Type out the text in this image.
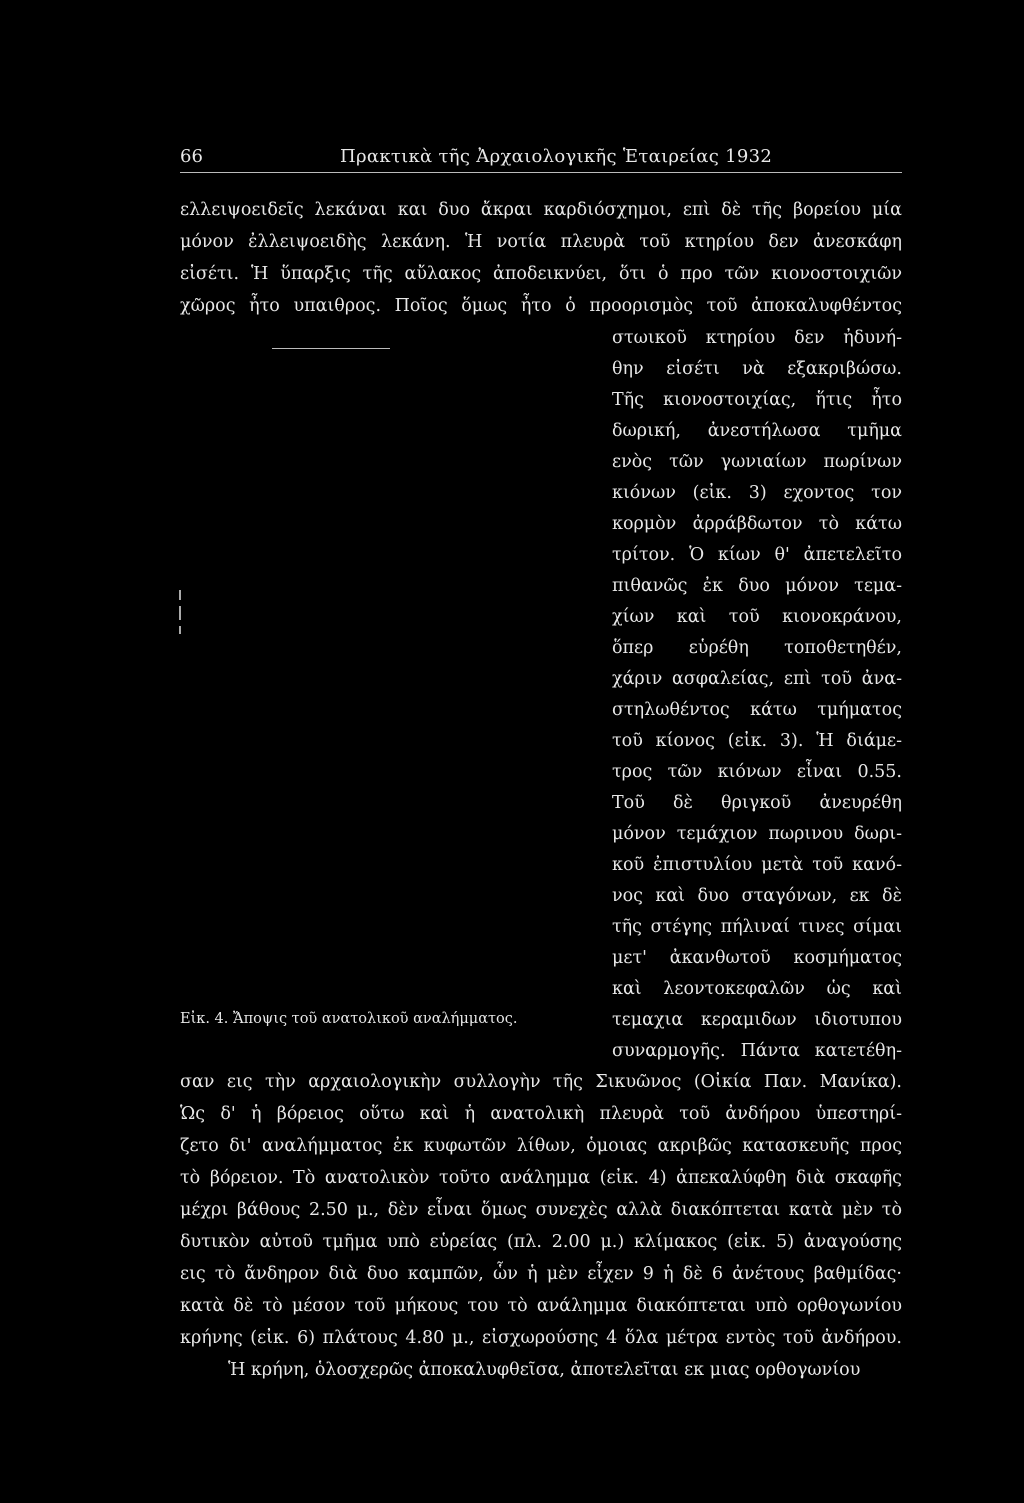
66	Πρακτικὰ τῆς Ἀρχαιολογικῆς Ἑταιρείας 1932
ελλειψοειδεῖς λεκάναι και δυο ἄκραι καρδιόσχημοι, επὶ δὲ τῆς βορείου μία
μόνον ἐλλειψοειδὴς λεκάνη. Ἡ νοτία πλευρὰ τοῦ κτηρίου δεν ἀνεσκάφη
εἰσέτι. Ἡ ὕπαρξις τῆς αὔλακος ἀποδεικνύει, ὅτι ὁ προ τῶν κιονοστοιχιῶν
χῶρος ἦτο υπαιθρος. Ποῖος ὅμως ἦτο ὁ προορισμὸς τοῦ ἀποκαλυφθέντος
στωικοῦ κτηρίου δεν ἠδυνή-
θην εἰσέτι νὰ εξακριβώσω.
Τῆς κιονοστοιχίας, ἥτις ἦτο
δωρική, ἀνεστήλωσα τμῆμα
ενὸς τῶν γωνιαίων πωρίνων
κιόνων (εἰκ. 3) εχοντος τον
κορμὸν ἀρράβδωτον τὸ κάτω
τρίτον. Ὁ κίων θ' ἀπετελεῖτο
πιθανῶς ἐκ δυο μόνον τεμα-
χίων καὶ τοῦ κιονοκράνου,
ὅπερ εὑρέθη τοποθετηθέν,
χάριν ασφαλείας, επὶ τοῦ ἀνα-
στηλωθέντος κάτω τμήματος
τοῦ κίονος (εἰκ. 3). Ἡ διάμε-
τρος τῶν κιόνων εἶναι 0.55.
Τοῦ δὲ θριγκοῦ ἀνευρέθη
μόνον τεμάχιον πωρινου δωρι-
κοῦ ἐπιστυλίου μετὰ τοῦ κανό-
νος καὶ δυο σταγόνων, εκ δὲ
τῆς στέγης πήλιναί τινες σίμαι
μετ' ἀκανθωτοῦ κοσμήματος
καὶ λεοντοκεφαλῶν ὡς καὶ
τεμαχια κεραμιδων ιδιοτυπου
συναρμογῆς. Πάντα κατετέθη-
Εἰκ. 4. Ἄποψις τοῦ ανατολικοῦ αναλήμματος.
σαν εις τὴν αρχαιολογικὴν συλλογὴν τῆς Σικυῶνος (Οἰκία Παν. Μανίκα).
Ὡς δ' ἡ βόρειος οὕτω καὶ ἡ ανατολικὴ πλευρὰ τοῦ ἀνδήρου ὑπεστηρί-
ζετο δι' αναλήμματος ἐκ κυφωτῶν λίθων, ὁμοιας ακριβῶς κατασκευῆς προς
τὸ βόρειον. Τὸ ανατολικὸν τοῦτο ανάλημμα (εἰκ. 4) ἀπεκαλύφθη διὰ σκαφῆς
μέχρι βάθους 2.50 μ., δὲν εἶναι ὅμως συνεχὲς αλλὰ διακόπτεται κατὰ μὲν τὸ
δυτικὸν αὐτοῦ τμῆμα υπὸ εὑρείας (πλ. 2.00 μ.) κλίμακος (εἰκ. 5) ἀναγούσης
εις τὸ ἄνδηρον διὰ δυο καμπῶν, ὧν ἡ μὲν εἶχεν 9 ἡ δὲ 6 ἀνέτους βαθμίδας·
κατὰ δὲ τὸ μέσον τοῦ μήκους του τὸ ανάλημμα διακόπτεται υπὸ ορθογωνίου
κρήνης (εἰκ. 6) πλάτους 4.80 μ., εἰσχωρούσης 4 ὅλα μέτρα εντὸς τοῦ ἀνδήρου.
Ἡ κρήνη, ὁλοσχερῶς ἀποκαλυφθεῖσα, ἀποτελεῖται εκ μιας ορθογωνίου
